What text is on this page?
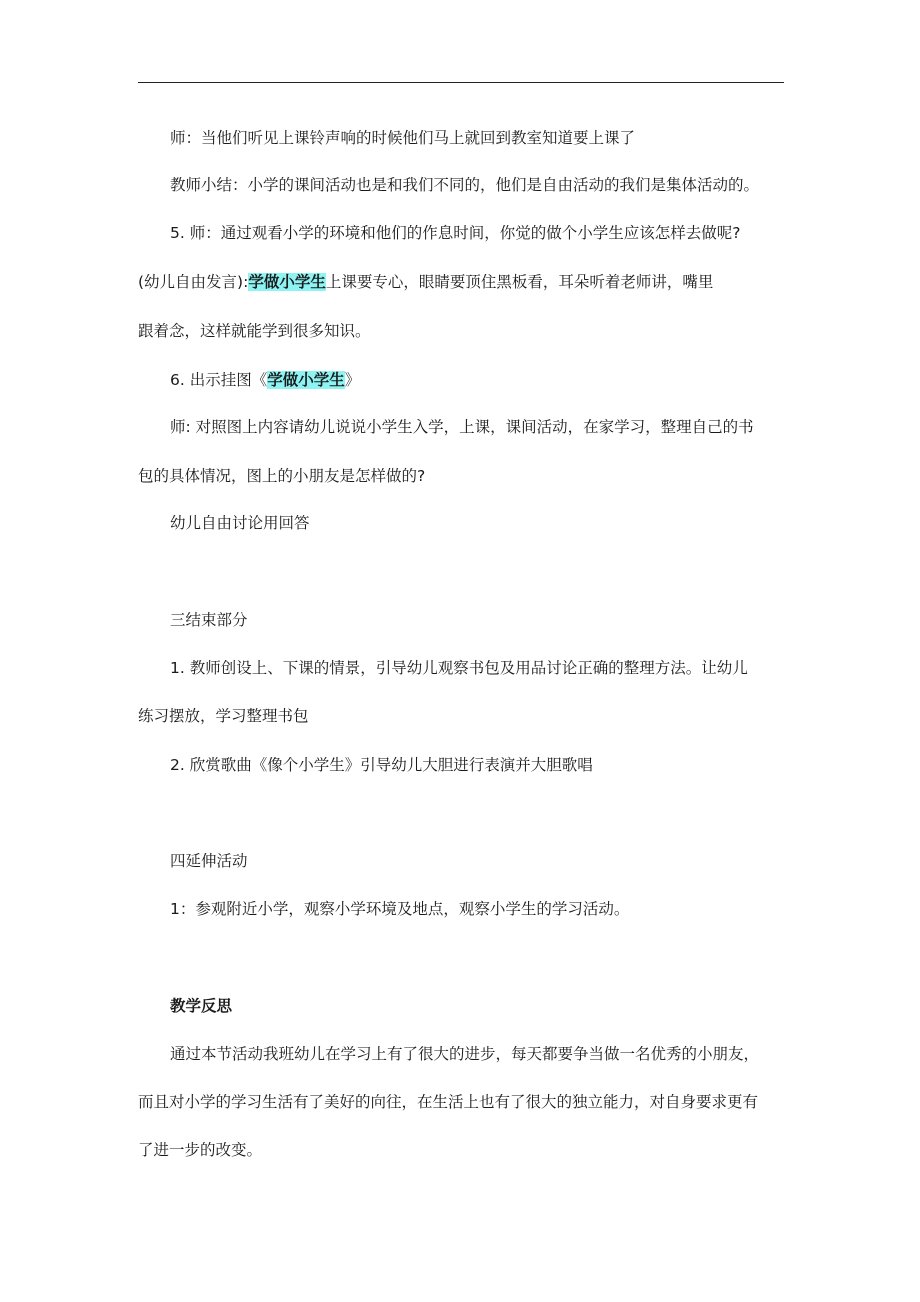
师：当他们听见上课铃声响的时候他们马上就回到教室知道要上课了
教师小结：小学的课间活动也是和我们不同的，他们是自由活动的我们是集体活动的。
5. 师：通过观看小学的环境和他们的作息时间，你觉的做个小学生应该怎样去做呢?
(幼儿自由发言):学做小学生上课要专心，眼睛要顶住黑板看，耳朵听着老师讲，嘴里
跟着念，这样就能学到很多知识。
6. 出示挂图《学做小学生》
师: 对照图上内容请幼儿说说小学生入学，上课，课间活动，在家学习，整理自己的书
包的具体情况，图上的小朋友是怎样做的?
幼儿自由讨论用回答
三结束部分
1. 教师创设上、下课的情景，引导幼儿观察书包及用品讨论正确的整理方法。让幼儿
练习摆放，学习整理书包
2. 欣赏歌曲《像个小学生》引导幼儿大胆进行表演并大胆歌唱
四延伸活动
1：参观附近小学，观察小学环境及地点，观察小学生的学习活动。
教学反思
通过本节活动我班幼儿在学习上有了很大的进步，每天都要争当做一名优秀的小朋友，
而且对小学的学习生活有了美好的向往，在生活上也有了很大的独立能力，对自身要求更有
了进一步的改变。
